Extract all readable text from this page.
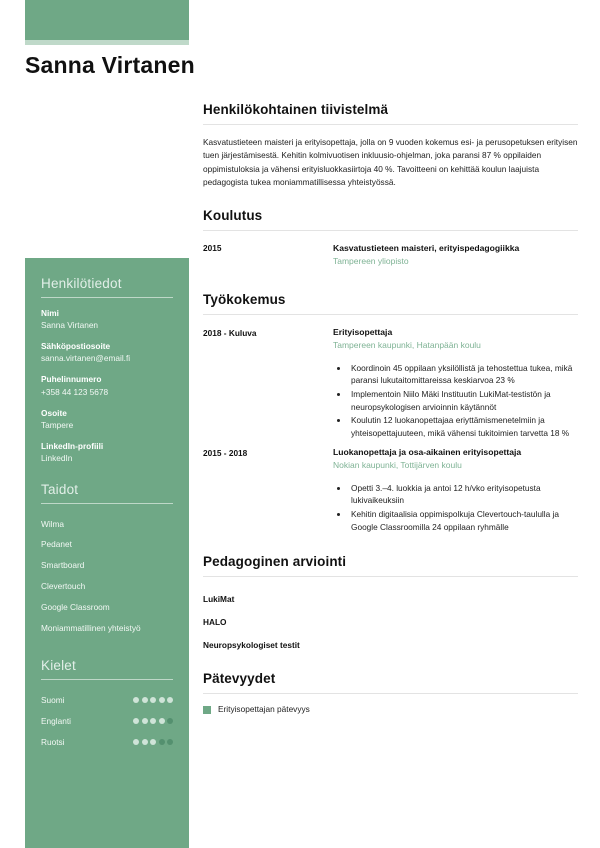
Sanna Virtanen
Henkilötiedot
Nimi
Sanna Virtanen
Sähköpostiosoite
sanna.virtanen@email.fi
Puhelinnumero
+358 44 123 5678
Osoite
Tampere
LinkedIn-profiili
LinkedIn
Taidot
Wilma
Pedanet
Smartboard
Clevertouch
Google Classroom
Moniammatillinen yhteistyö
Kielet
Suomi
Englanti
Ruotsi
Henkilökohtainen tiivistelmä

Kasvatustieteen maisteri ja erityisopettaja, jolla on 9 vuoden kokemus esi- ja perusopetuksen erityisen tuen järjestämisestä. Kehitin kolmivuotisen inkluusio-ohjelman, joka paransi 87 % oppilaiden oppimistuloksia ja vähensi erityisluokkasiirtoja 40 %. Tavoitteeni on kehittää koulun laajuista pedagogista tukea moniammatillisessa yhteistyössä.

Koulutus
2015	Kasvatustieteen maisteri, erityispedagogiikka
Tampereen yliopisto
Työkokemus
2018 - Kuluva	Erityisopettaja
Tampereen kaupunki, Hatanpään koulu
• Koordinoin 45 oppilaan yksilöllistä ja tehostettua tukea, mikä paransi lukutaitomittareissa keskiarvoa 23 %
• Implementoin Niilo Mäki Instituutin LukiMat-testistön ja neuropsykologisen arvioinnin käytännöt
• Koulutin 12 luokanopettajaa eriyttämismenetelmiin ja yhteisopettajuuteen, mikä vähensi tukitoimien tarvetta 18 %
2015 - 2018	Luokanopettaja ja osa-aikainen erityisopettaja
Nokian kaupunki, Tottijärven koulu
• Opetti 3.–4. luokkia ja antoi 12 h/vko erityisopetusta lukivaikeuksiin
• Kehitin digitaalisia oppimispolkuja Clevertouch-taululla ja Google Classroomilla 24 oppilaan ryhmälle
Pedagoginen arviointi
LukiMat
HALO
Neuropsykologiset testit
Pätevyydet
Erityisopettajan pätevyys
